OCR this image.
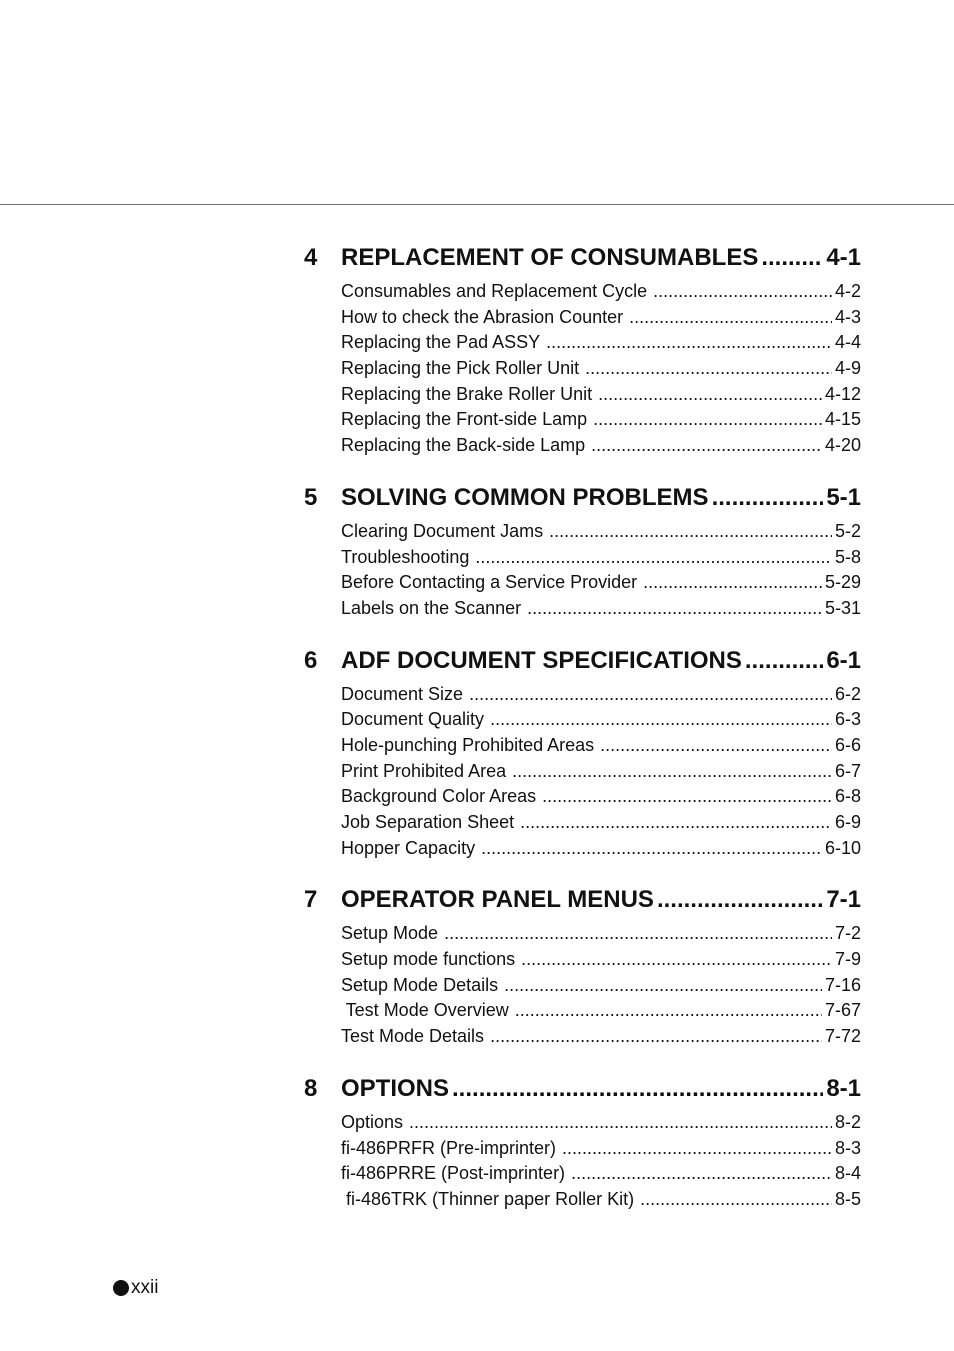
4 REPLACEMENT OF CONSUMABLES .....	4-1
Consumables and Replacement Cycle .....	4-2
How to check the Abrasion Counter .....	4-3
Replacing the Pad ASSY .....	4-4
Replacing the Pick Roller Unit .....	4-9
Replacing the Brake Roller Unit .....	4-12
Replacing the Front-side Lamp .....	4-15
Replacing the Back-side Lamp .....	4-20
5 SOLVING COMMON PROBLEMS .....	5-1
Clearing Document Jams .....	5-2
Troubleshooting .....	5-8
Before Contacting a Service Provider .....	5-29
Labels on the Scanner .....	5-31
6 ADF DOCUMENT SPECIFICATIONS .....	6-1
Document Size .....	6-2
Document Quality .....	6-3
Hole-punching Prohibited Areas .....	6-6
Print Prohibited Area .....	6-7
Background Color Areas .....	6-8
Job Separation Sheet .....	6-9
Hopper Capacity .....	6-10
7 OPERATOR PANEL MENUS .....	7-1
Setup Mode .....	7-2
Setup mode functions .....	7-9
Setup Mode Details .....	7-16
Test Mode Overview .....	7-67
Test Mode Details .....	7-72
8 OPTIONS .....	8-1
Options .....	8-2
fi-486PRFR (Pre-imprinter) .....	8-3
fi-486PRRE (Post-imprinter) .....	8-4
fi-486TRK (Thinner paper Roller Kit) .....	8-5
xxii
